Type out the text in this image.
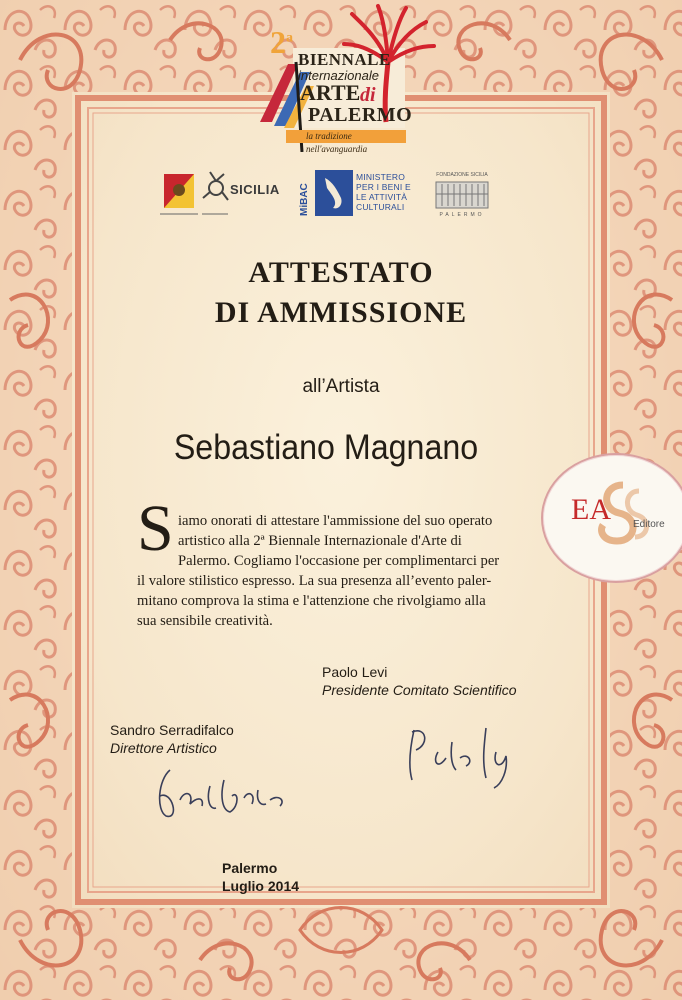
2$^a$
BIENNALE
internazionale
ARTE di
PALERMO
la tradizione nell'avanguardia
SICILIA MiBAC
MINISTERO
PER I BENI E
LE ATTIVITÀ
CULTURALI
FONDAZIONE SICILIA
PALERMO
ATTESTATO
DI AMMISSIONE
all’Artista
Sebastiano Magnano
S iamo onorati di attestare l'ammissione del suo operato
artistico alla 2ª Biennale Internazionale d'Arte di
Palermo. Cogliamo l'occasione per complimentarci per
il valore stilistico espresso. La sua presenza all’evento paler-
mitano comprova la stima e l'attenzione che rivolgiamo alla
sua sensibile creatività.
Paolo Levi
Presidente Comitato Scientifico
Sandro Serradifalco
Direttore Artistico
Palermo
Luglio 2014
EA Editore
